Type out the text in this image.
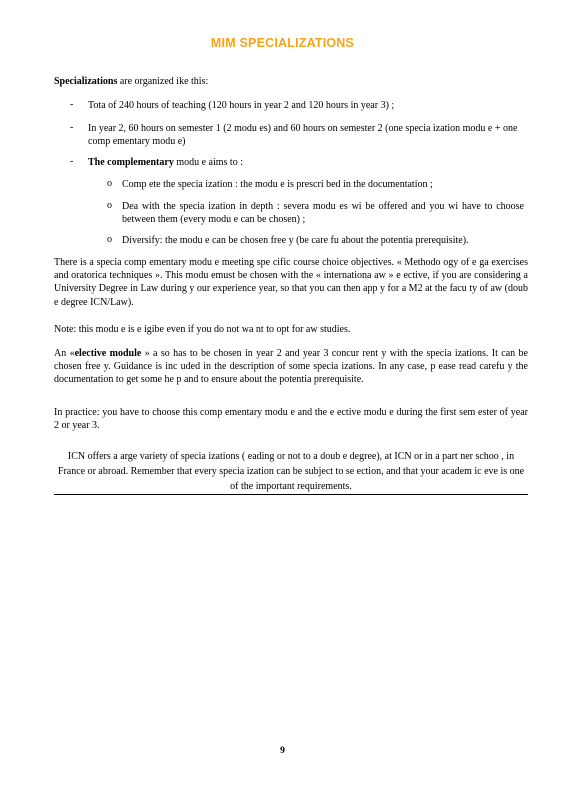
MIM SPECIALIZATIONS
Specializations are organized ike this:
- Tota of 240 hours of teaching (120 hours in year 2 and 120 hours in year 3) ;
- In year 2, 60 hours on semester 1 (2 modu es) and 60 hours on semester 2 (one specia ization modu e + one comp ementary modu e)
- The complementary modu e aims to :
o Comp ete the specia ization : the modu e is prescri bed in the documentation ;
o Dea with the specia ization in depth : severa modu es wi be offered and you wi have to choose between them (every modu e can be chosen) ;
o Diversify: the modu e can be chosen free y (be care fu about the potentia prerequisite).
There is a specia comp ementary modu e meeting spe cific course choice objectives. « Methodo ogy of e ga exercises and oratorica techniques ». This modu emust be chosen with the « internationa aw » e ective, if you are considering a University Degree in Law during y our experience year, so that you can then app y for a M2 at the facu ty of aw (doub e degree ICN/Law).
Note: this modu e is e igibe even if you do not wa nt to opt for aw studies.
An «elective module » a so has to be chosen in year 2 and year 3 concur rent y with the specia izations. It can be chosen free y. Guidance is inc uded in the description of some specia izations. In any case, p ease read carefu y the documentation to get some he p and to ensure about the potentia prerequisite.
In practice: you have to choose this comp ementary modu e and the e ective modu e during the first sem ester of year 2 or year 3.
ICN offers a arge variety of specia izations ( eading or not to a doub e degree), at ICN or in a part ner schoo , in France or abroad. Remember that every specia ization can be subject to se ection, and that your academ ic eve is one of the important requirements.
9
